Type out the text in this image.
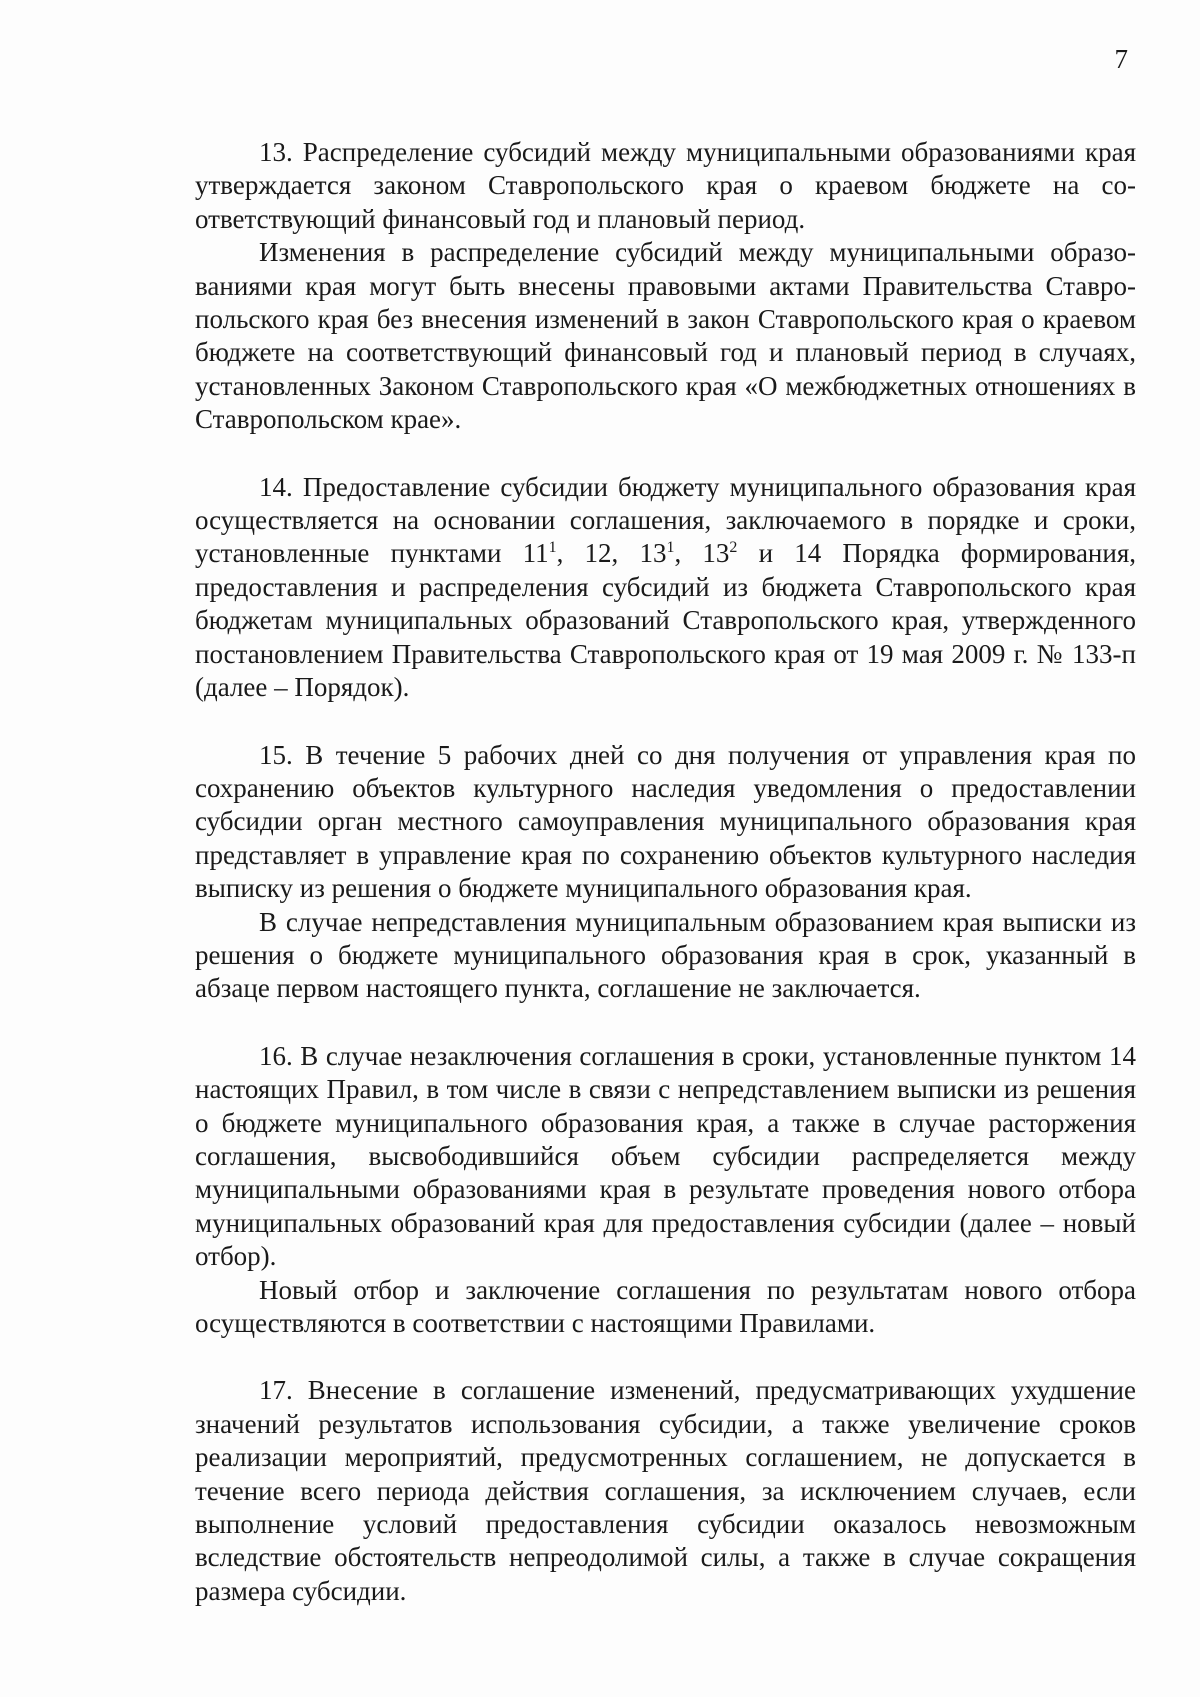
7

13. Распределение субсидий между муниципальными образованиями края утверждается законом Ставропольского края о краевом бюджете на соответствующий финансовый год и плановый период.

Изменения в распределение субсидий между муниципальными образованиями края могут быть внесены правовыми актами Правительства Ставропольского края без внесения изменений в закон Ставропольского края о краевом бюджете на соответствующий финансовый год и плановый период в случаях, установленных Законом Ставропольского края «О межбюджетных отношениях в Ставропольском крае».

14. Предоставление субсидии бюджету муниципального образования края осуществляется на основании соглашения, заключаемого в порядке и сроки, установленные пунктами $11^1$, 12, $13^1$, $13^2$ и 14 Порядка формирования, предоставления и распределения субсидий из бюджета Ставропольского края бюджетам муниципальных образований Ставропольского края, утвержденного постановлением Правительства Ставропольского края от 19 мая 2009 г. № 133-п (далее – Порядок).

15. В течение 5 рабочих дней со дня получения от управления края по сохранению объектов культурного наследия уведомления о предоставлении субсидии орган местного самоуправления муниципального образования края представляет в управление края по сохранению объектов культурного наследия выписку из решения о бюджете муниципального образования края.

В случае непредставления муниципальным образованием края выписки из решения о бюджете муниципального образования края в срок, указанный в абзаце первом настоящего пункта, соглашение не заключается.

16. В случае незаключения соглашения в сроки, установленные пунктом 14 настоящих Правил, в том числе в связи с непредставлением выписки из решения о бюджете муниципального образования края, а также в случае расторжения соглашения, высвободившийся объем субсидии распределяется между муниципальными образованиями края в результате проведения нового отбора муниципальных образований края для предоставления субсидии (далее – новый отбор).

Новый отбор и заключение соглашения по результатам нового отбора осуществляются в соответствии с настоящими Правилами.

17. Внесение в соглашение изменений, предусматривающих ухудшение значений результатов использования субсидии, а также увеличение сроков реализации мероприятий, предусмотренных соглашением, не допускается в течение всего периода действия соглашения, за исключением случаев, если выполнение условий предоставления субсидии оказалось невозможным вследствие обстоятельств непреодолимой силы, а также в случае сокращения размера субсидии.
